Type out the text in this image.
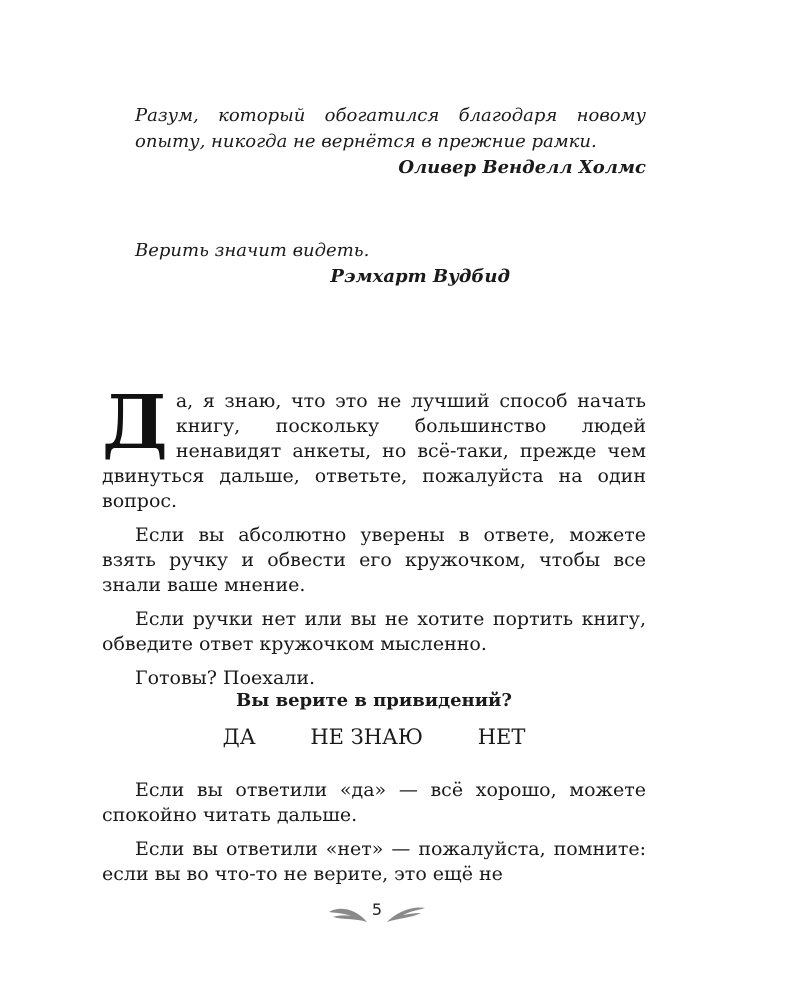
Разум, который обогатился благодаря новому опыту, никогда не вернётся в прежние рамки.

Оливер Венделл Холмс

Верить значит видеть.

Рэмхарт Вудбид

Да, я знаю, что это не лучший способ начать книгу, поскольку большинство людей ненавидят анкеты, но всё-таки, прежде чем двинуться дальше, ответьте, пожалуйста на один вопрос.

Если вы абсолютно уверены в ответе, можете взять ручку и обвести его кружочком, чтобы все знали ваше мнение.

Если ручки нет или вы не хотите портить книгу, обведите ответ кружочком мысленно.

Готовы? Поехали.

Вы верите в привидений?

ДА	НЕ ЗНАЮ	НЕТ

Если вы ответили «да» — всё хорошо, можете спокойно читать дальше.

Если вы ответили «нет» — пожалуйста, помните: если вы во что-то не верите, это ещё не

5
